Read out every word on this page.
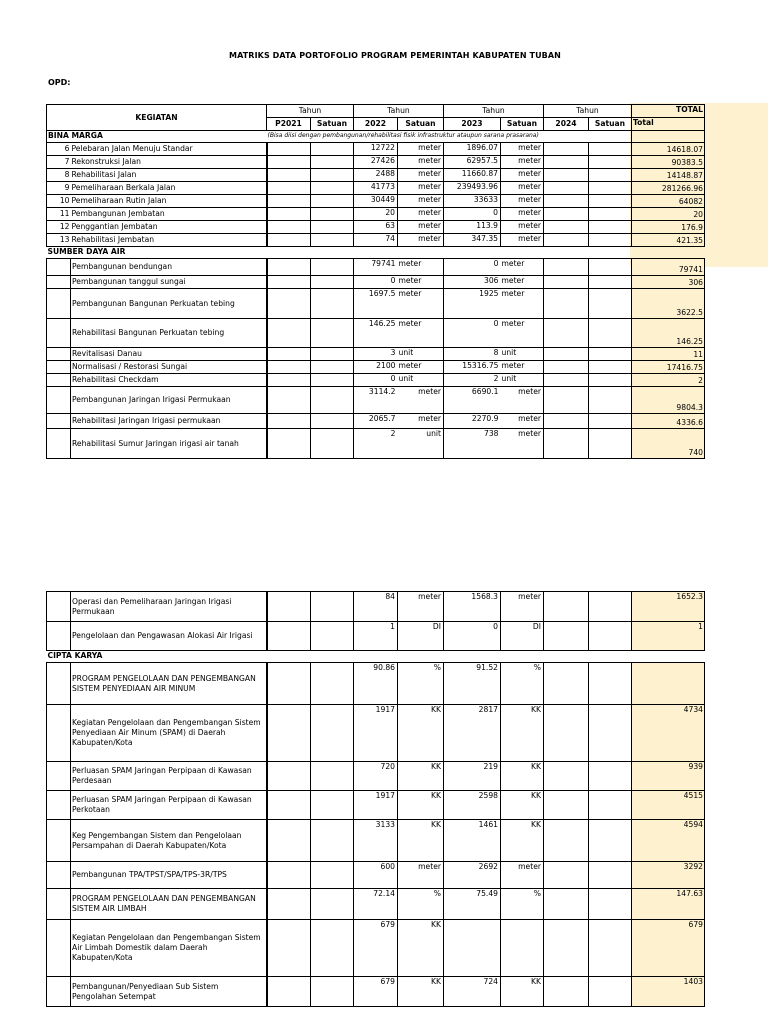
MATRIKS DATA PORTOFOLIO PROGRAM PEMERINTAH KABUPATEN TUBAN
OPD:
KEGIATAN		Tahun		Tahun		Tahun		Tahun		TOTAL
		P2021	Satuan	2022	Satuan	2023	Satuan	2024	Satuan	Total
BINA MARGA		(Bisa diisi dengan pembangunan/rehabilitasi fisik infrastruktur ataupun sarana prasarana)								
6	Pelebaran Jalan Menuju Standar			12722	meter	1896.07	meter			14618.07
7	Rekonstruksi Jalan			27426	meter	62957.5	meter			90383.5
8	Rehabilitasi Jalan			2488	meter	11660.87	meter			14148.87
9	Pemeliharaan Berkala Jalan			41773	meter	239493.96	meter			281266.96
10	Pemeliharaan Rutin Jalan			30449	meter	33633	meter			64082
11	Pembangunan Jembatan			20	meter	0	meter			20
12	Penggantian Jembatan			63	meter	113.9	meter			176.9
13	Rehabilitasi Jembatan			74	meter	347.35	meter			421.35
SUMBER DAYA AIR										
	Pembangunan bendungan			79741	meter	0	meter			79741
	Pembangunan tanggul sungai			0	meter	306	meter			306
	Pembangunan Bangunan Perkuatan tebing			1697.5	meter	1925	meter			3622.5
	Rehabilitasi Bangunan Perkuatan tebing			146.25	meter	0	meter			146.25
	Revitalisasi Danau			3	unit	8	unit			11
	Normalisasi / Restorasi Sungai			2100	meter	15316.75	meter			17416.75
	Rehabilitasi Checkdam			0	unit	2	unit			2
	Pembangunan Jaringan Irigasi Permukaan			3114.2	meter	6690.1	meter			9804.3
	Rehabilitasi Jaringan Irigasi permukaan			2065.7	meter	2270.9	meter			4336.6
	Rehabilitasi Sumur Jaringan irigasi air tanah			2	unit	738	meter			740
	Operasi dan Pemeliharaan Jaringan Irigasi Permukaan			84	meter	1568.3	meter			1652.3
	Pengelolaan dan Pengawasan Alokasi Air Irigasi			1	DI	0	DI			1
CIPTA KARYA										
	PROGRAM PENGELOLAAN DAN PENGEMBANGAN SISTEM PENYEDIAAN AIR MINUM			90.86	%	91.52	%			
	Kegiatan Pengelolaan dan Pengembangan Sistem Penyediaan Air Minum (SPAM) di Daerah Kabupaten/Kota			1917	KK	2817	KK			4734
	Perluasan SPAM Jaringan Perpipaan di Kawasan Perdesaan			720	KK	219	KK			939
	Perluasan SPAM Jaringan Perpipaan di Kawasan Perkotaan			1917	KK	2598	KK			4515
	Keg Pengembangan Sistem dan Pengelolaan Persampahan di Daerah Kabupaten/Kota			3133	KK	1461	KK			4594
	Pembangunan TPA/TPST/SPA/TPS-3R/TPS			600	meter	2692	meter			3292
	PROGRAM PENGELOLAAN DAN PENGEMBANGAN SISTEM AIR LIMBAH			72.14	%	75.49	%			147.63
	Kegiatan Pengelolaan dan Pengembangan Sistem Air Limbah Domestik dalam Daerah Kabupaten/Kota			679	KK					679
	Pembangunan/Penyediaan Sub Sistem Pengolahan Setempat			679	KK	724	KK			1403
